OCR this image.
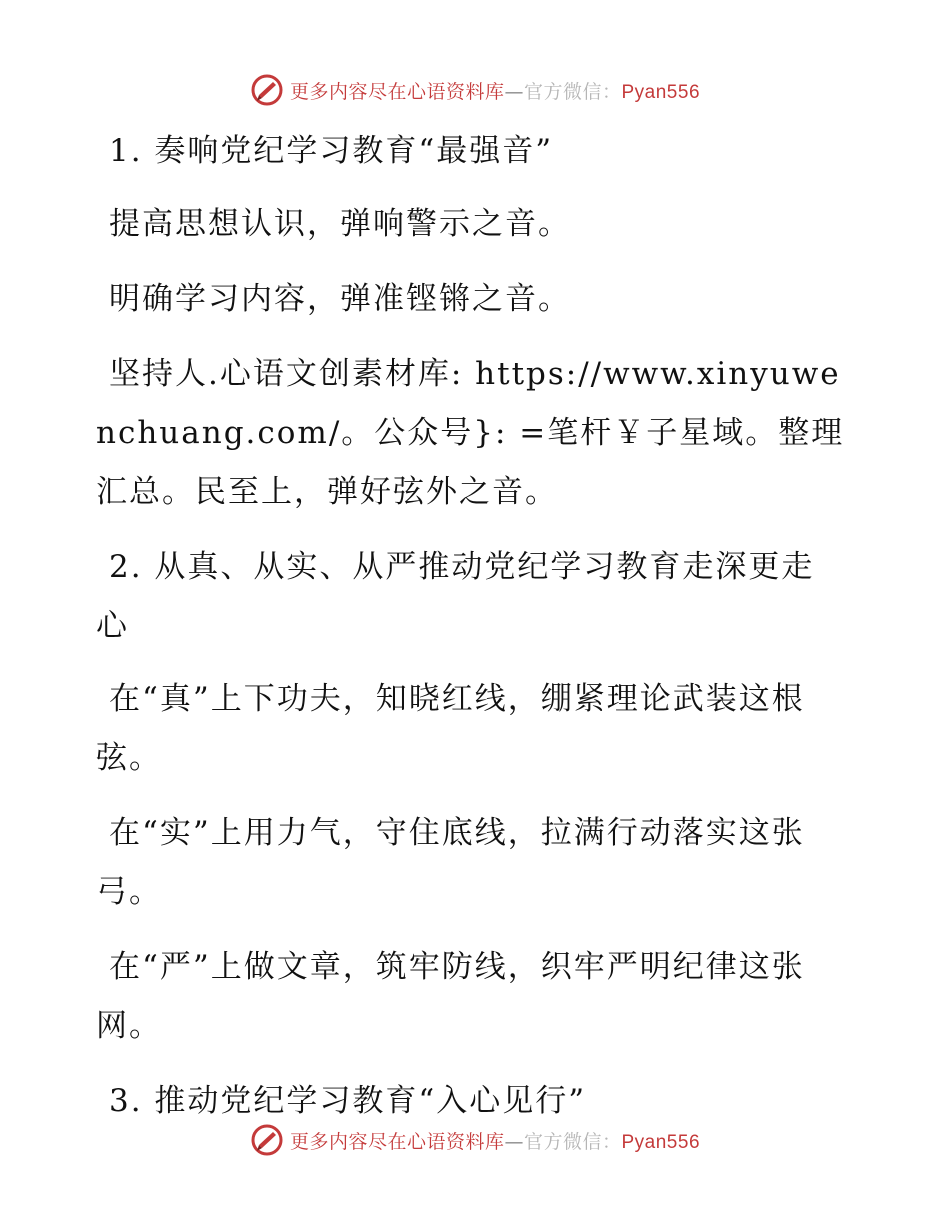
更多内容尽在心语资料库—官方微信：Pyan556

1. 奏响党纪学习教育“最强音”

提高思想认识，弹响警示之音。

明确学习内容，弹准铿锵之音。

坚持人.心语文创素材库: https://www.xinyuwenchuang.com/。公众号}: =笔杆￥子星域。整理汇总。民至上，弹好弦外之音。

2. 从真、从实、从严推动党纪学习教育走深更走心

在“真”上下功夫，知晓红线，绷紧理论武装这根弦。

在“实”上用力气，守住底线，拉满行动落实这张弓。

在“严”上做文章，筑牢防线，织牢严明纪律这张网。

3. 推动党纪学习教育“入心见行”

更多内容尽在心语资料库—官方微信：Pyan556
